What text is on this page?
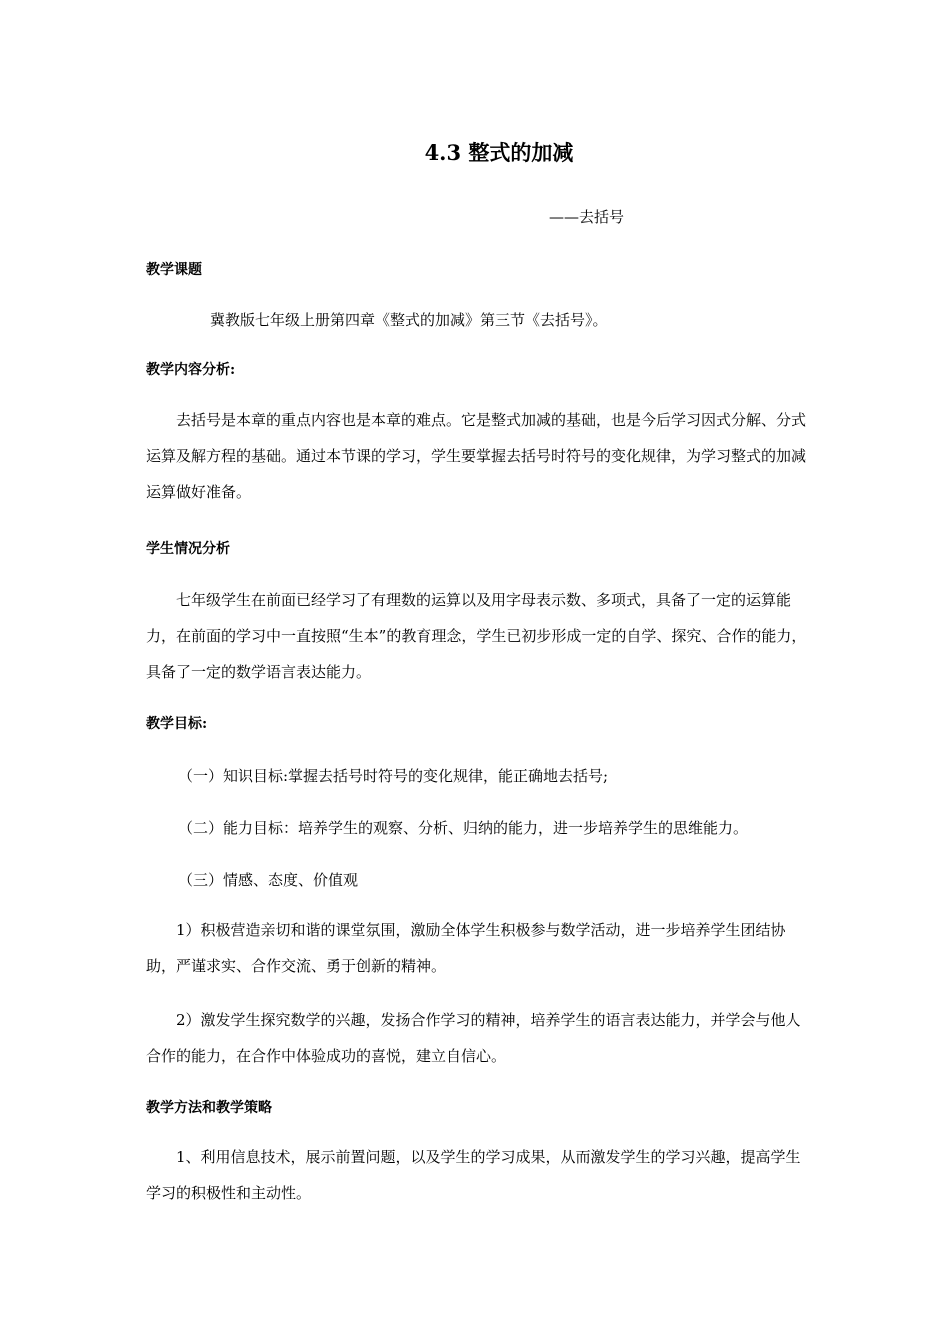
4.3 整式的加减
——去括号
教学课题
冀教版七年级上册第四章《整式的加减》第三节《去括号》。
教学内容分析:
去括号是本章的重点内容也是本章的难点。它是整式加减的基础，也是今后学习因式分解、分式运算及解方程的基础。通过本节课的学习，学生要掌握去括号时符号的变化规律，为学习整式的加减运算做好准备。
学生情况分析
七年级学生在前面已经学习了有理数的运算以及用字母表示数、多项式，具备了一定的运算能力，在前面的学习中一直按照“生本”的教育理念，学生已初步形成一定的自学、探究、合作的能力，具备了一定的数学语言表达能力。
教学目标:
（一）知识目标:掌握去括号时符号的变化规律，能正确地去括号;
（二）能力目标：培养学生的观察、分析、归纳的能力，进一步培养学生的思维能力。
（三）情感、态度、价值观
1）积极营造亲切和谐的课堂氛围，激励全体学生积极参与数学活动，进一步培养学生团结协助，严谨求实、合作交流、勇于创新的精神。
2）激发学生探究数学的兴趣，发扬合作学习的精神，培养学生的语言表达能力，并学会与他人合作的能力，在合作中体验成功的喜悦，建立自信心。
教学方法和教学策略
1、利用信息技术，展示前置问题，以及学生的学习成果，从而激发学生的学习兴趣，提高学生学习的积极性和主动性。
